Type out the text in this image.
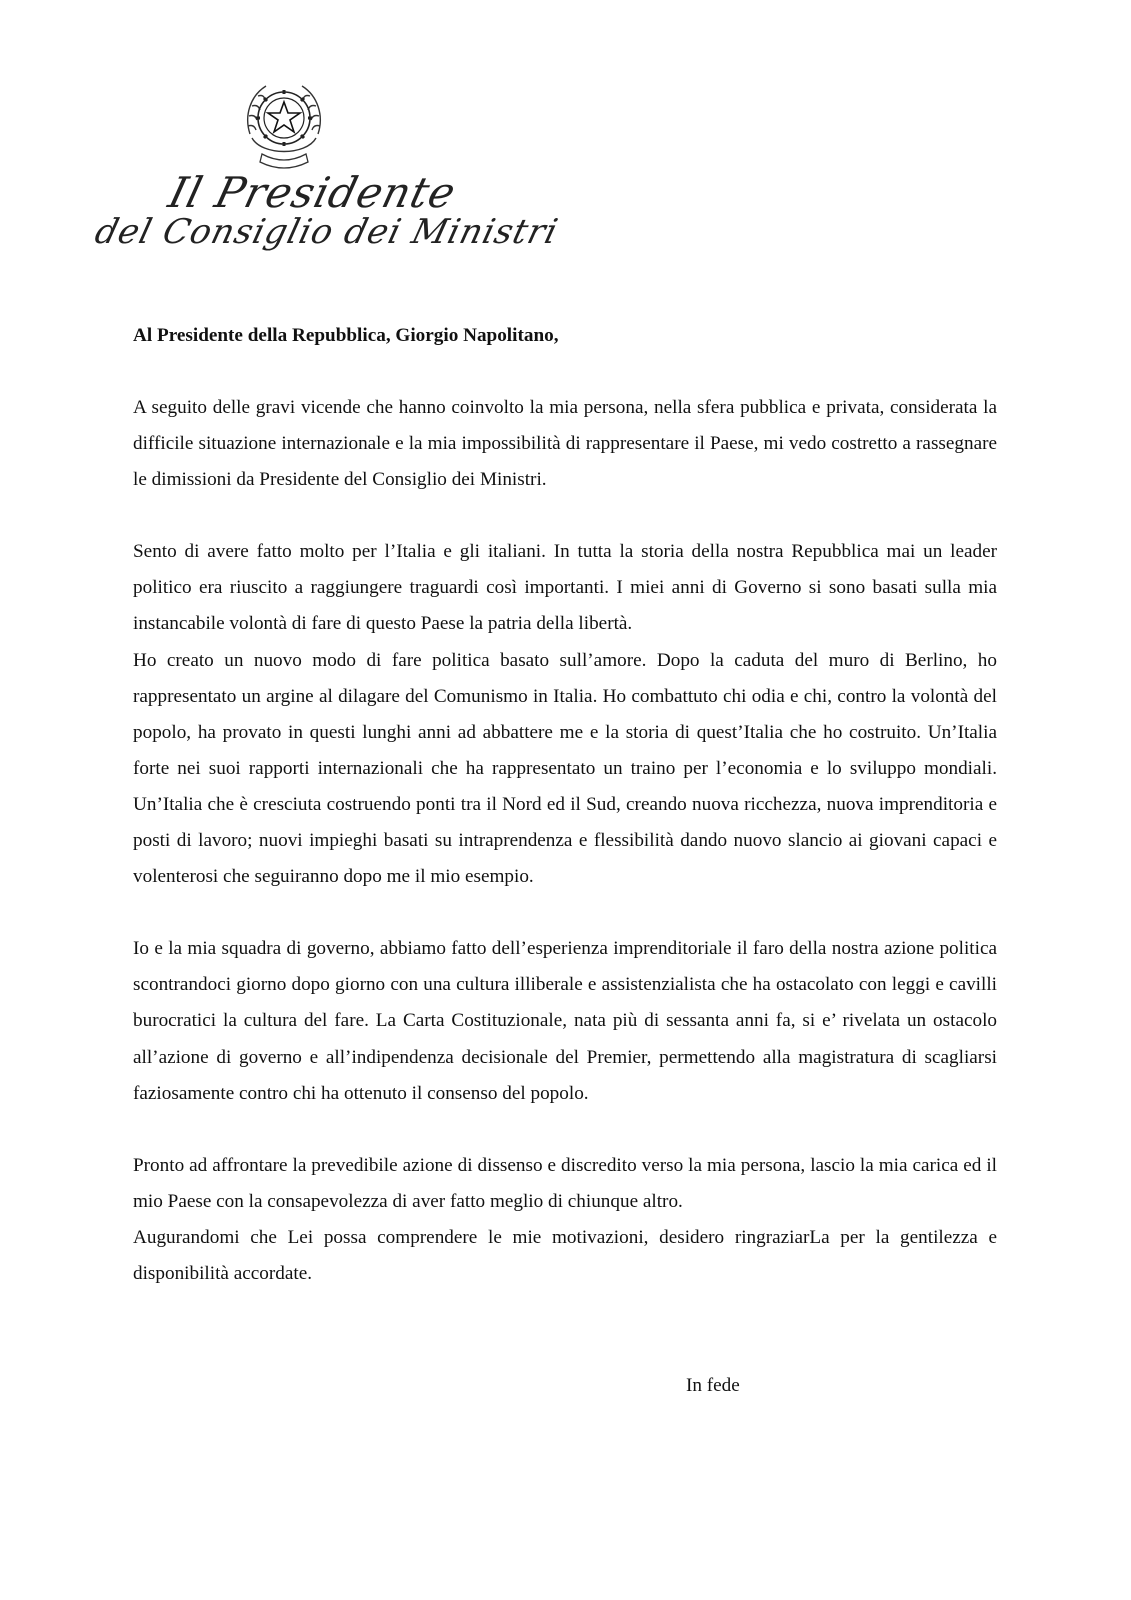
Il Presidente
del Consiglio dei Ministri

Al Presidente della Repubblica, Giorgio Napolitano,

A seguito delle gravi vicende che hanno coinvolto la mia persona, nella sfera pubblica e privata, considerata la difficile situazione internazionale e la mia impossibilità di rappresentare il Paese, mi vedo costretto a rassegnare le dimissioni da Presidente del Consiglio dei Ministri.

Sento di avere fatto molto per l’Italia e gli italiani. In tutta la storia della nostra Repubblica mai un leader politico era riuscito a raggiungere traguardi così importanti. I miei anni di Governo si sono basati sulla mia instancabile volontà di fare di questo Paese la patria della libertà.

Ho creato un nuovo modo di fare politica basato sull’amore. Dopo la caduta del muro di Berlino, ho rappresentato un argine al dilagare del Comunismo in Italia. Ho combattuto chi odia e chi, contro la volontà del popolo, ha provato in questi lunghi anni ad abbattere me e la storia di quest’Italia che ho costruito. Un’Italia forte nei suoi rapporti internazionali che ha rappresentato un traino per l’economia e lo sviluppo mondiali. Un’Italia che è cresciuta costruendo ponti tra il Nord ed il Sud, creando nuova ricchezza, nuova imprenditoria e posti di lavoro; nuovi impieghi basati su intraprendenza e flessibilità dando nuovo slancio ai giovani capaci e volenterosi che seguiranno dopo me il mio esempio.

Io e la mia squadra di governo, abbiamo fatto dell’esperienza imprenditoriale il faro della nostra azione politica scontrandoci giorno dopo giorno con una cultura illiberale e assistenzialista che ha ostacolato con leggi e cavilli burocratici la cultura del fare. La Carta Costituzionale, nata più di sessanta anni fa, si e’ rivelata un ostacolo all’azione di governo e all’indipendenza decisionale del Premier, permettendo alla magistratura di scagliarsi faziosamente contro chi ha ottenuto il consenso del popolo.

Pronto ad affrontare la prevedibile azione di dissenso e discredito verso la mia persona, lascio la mia carica ed il mio Paese con la consapevolezza di aver fatto meglio di chiunque altro.

Augurandomi che Lei possa comprendere le mie motivazioni, desidero ringraziarLa per la gentilezza e disponibilità accordate.

In fede
